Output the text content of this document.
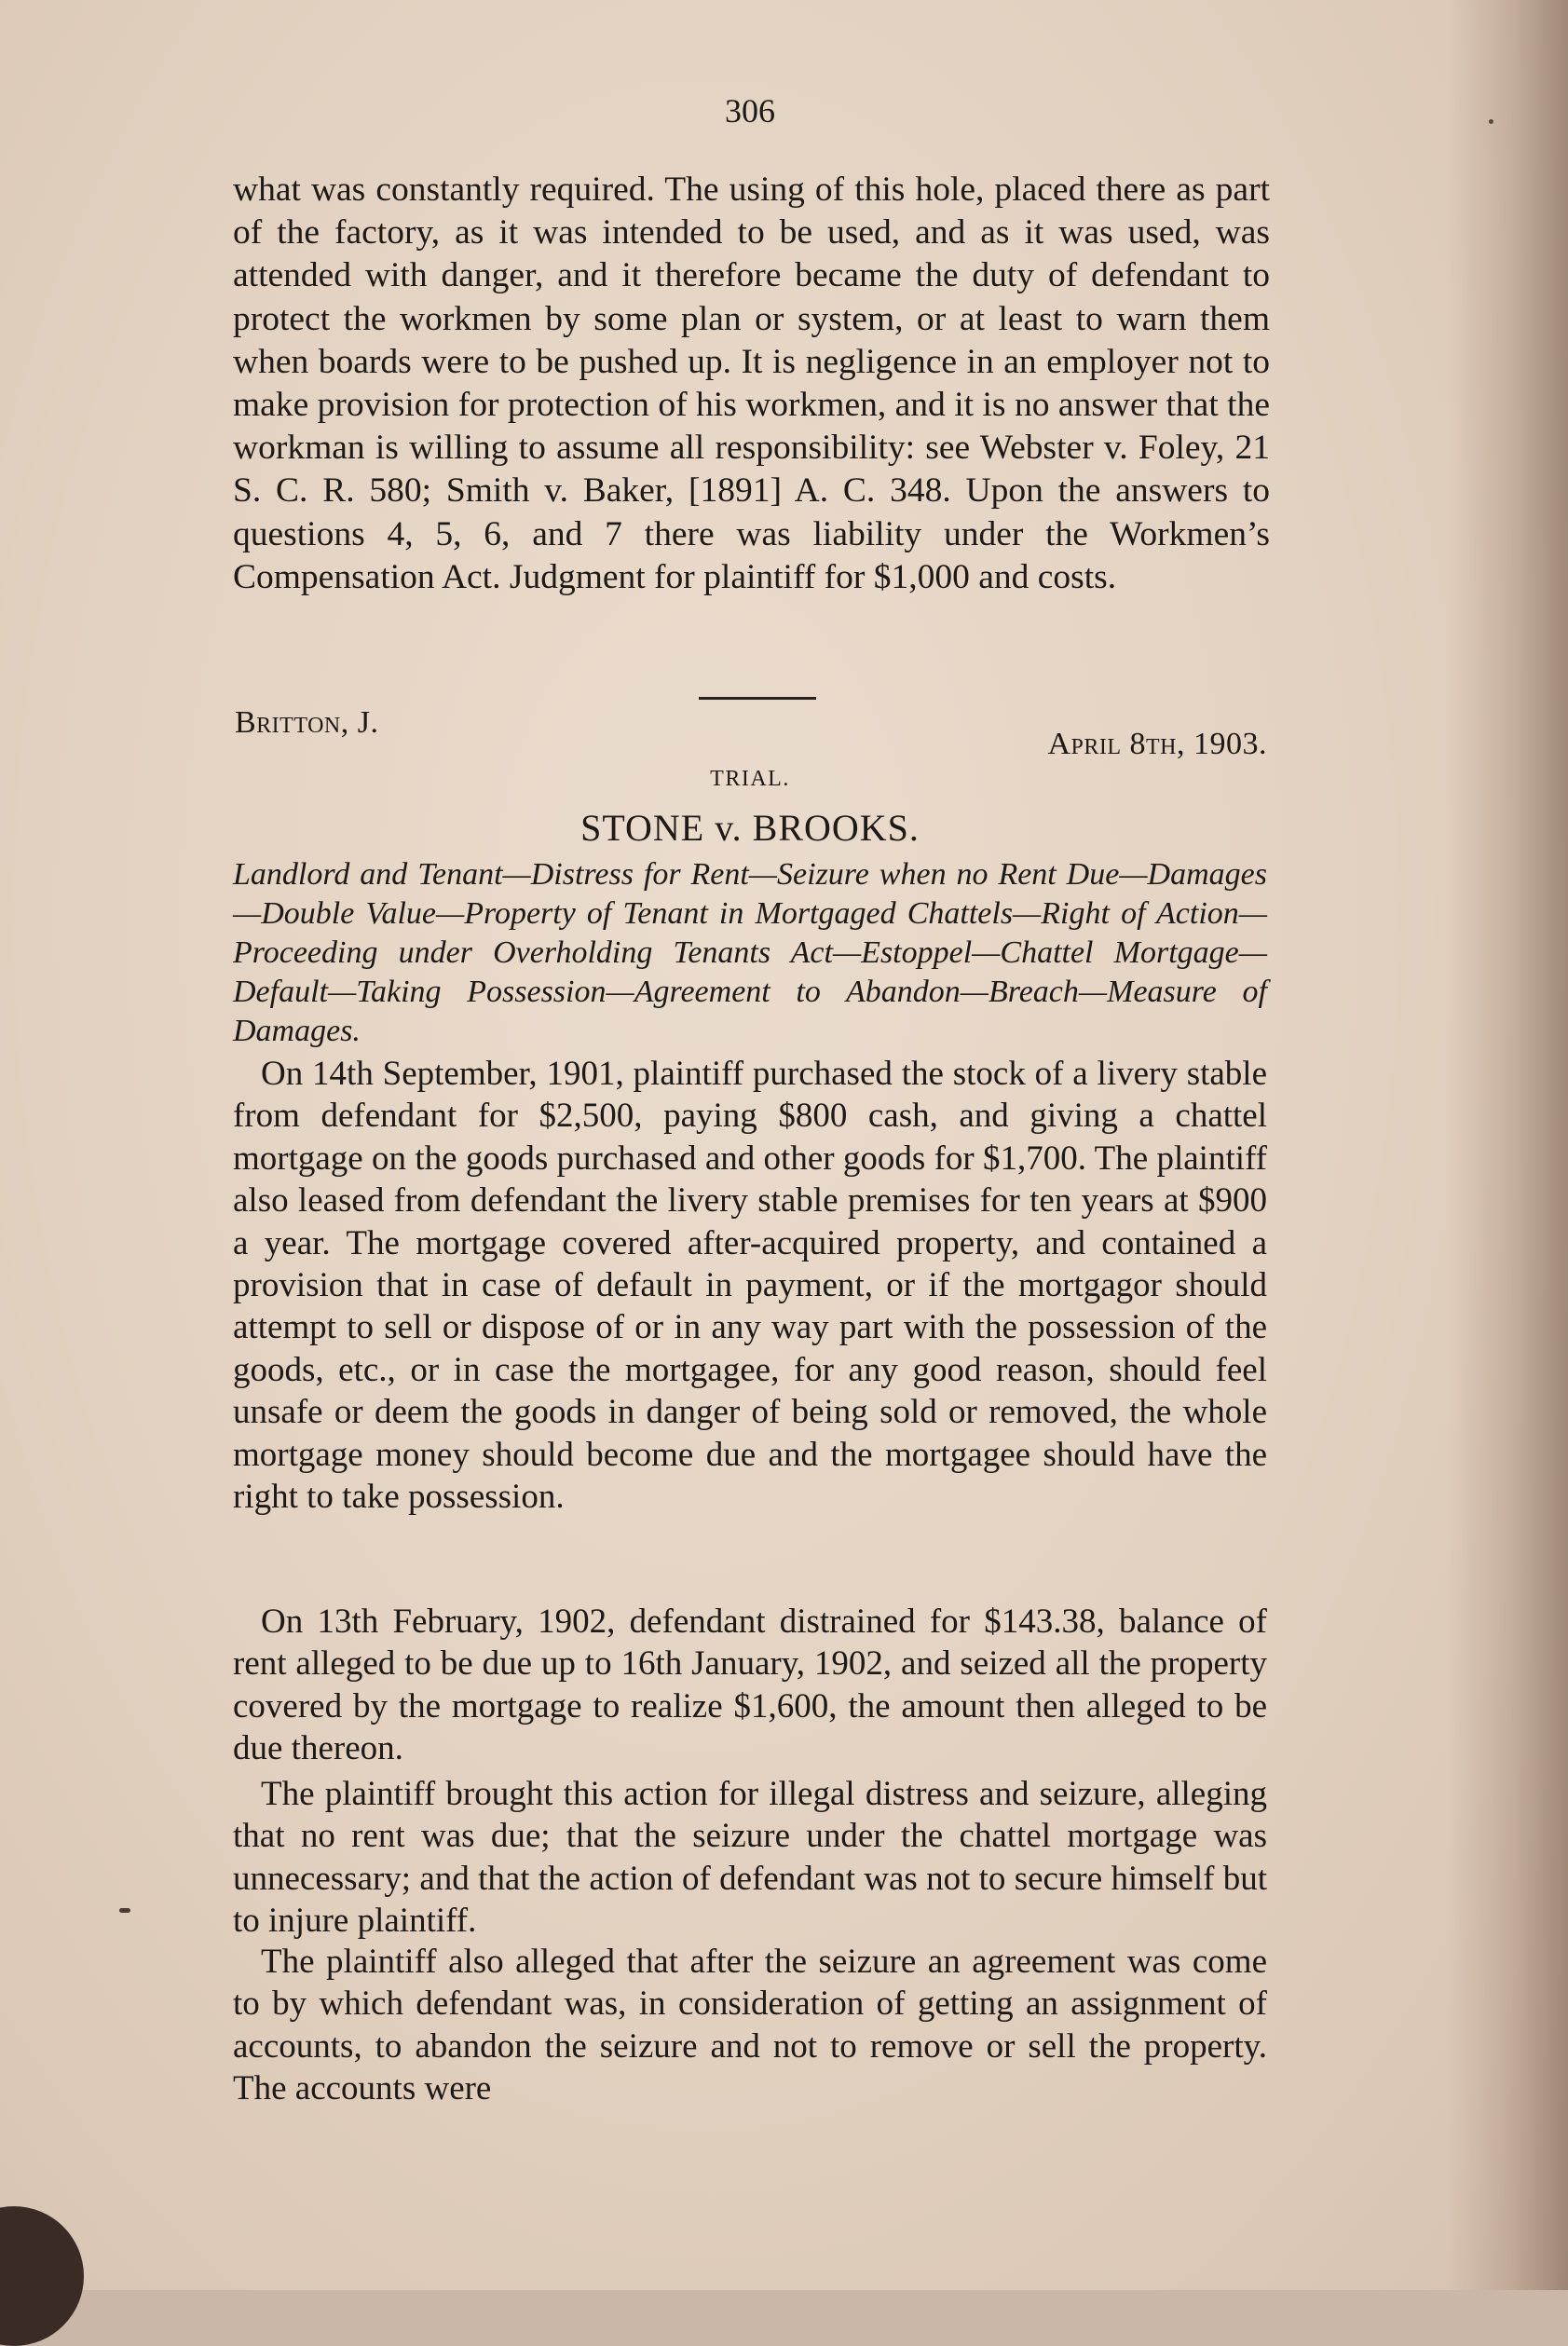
306

what was constantly required. The using of this hole, placed there as part of the factory, as it was intended to be used, and as it was used, was attended with danger, and it therefore became the duty of defendant to protect the workmen by some plan or system, or at least to warn them when boards were to be pushed up. It is negligence in an employer not to make provision for protection of his workmen, and it is no answer that the workman is willing to assume all responsibility: see Webster v. Foley, 21 S. C. R. 580; Smith v. Baker, [1891] A. C. 348. Upon the answers to questions 4, 5, 6, and 7 there was liability under the Workmen’s Compensation Act. Judgment for plaintiff for $1,000 and costs.

Britton, J.
April 8th, 1903.
TRIAL.
STONE v. BROOKS.

Landlord and Tenant—Distress for Rent—Seizure when no Rent Due—Damages—Double Value—Property of Tenant in Mortgaged Chattels—Right of Action—Proceeding under Overholding Tenants Act—Estoppel—Chattel Mortgage—Default—Taking Possession—Agreement to Abandon—Breach—Measure of Damages.

On 14th September, 1901, plaintiff purchased the stock of a livery stable from defendant for $2,500, paying $800 cash, and giving a chattel mortgage on the goods purchased and other goods for $1,700. The plaintiff also leased from defendant the livery stable premises for ten years at $900 a year. The mortgage covered after-acquired property, and contained a provision that in case of default in payment, or if the mortgagor should attempt to sell or dispose of or in any way part with the possession of the goods, etc., or in case the mortgagee, for any good reason, should feel unsafe or deem the goods in danger of being sold or removed, the whole mortgage money should become due and the mortgagee should have the right to take possession.

On 13th February, 1902, defendant distrained for $143.38, balance of rent alleged to be due up to 16th January, 1902, and seized all the property covered by the mortgage to realize $1,600, the amount then alleged to be due thereon.

The plaintiff brought this action for illegal distress and seizure, alleging that no rent was due; that the seizure under the chattel mortgage was unnecessary; and that the action of defendant was not to secure himself but to injure plaintiff.

The plaintiff also alleged that after the seizure an agreement was come to by which defendant was, in consideration of getting an assignment of accounts, to abandon the seizure and not to remove or sell the property. The accounts were
